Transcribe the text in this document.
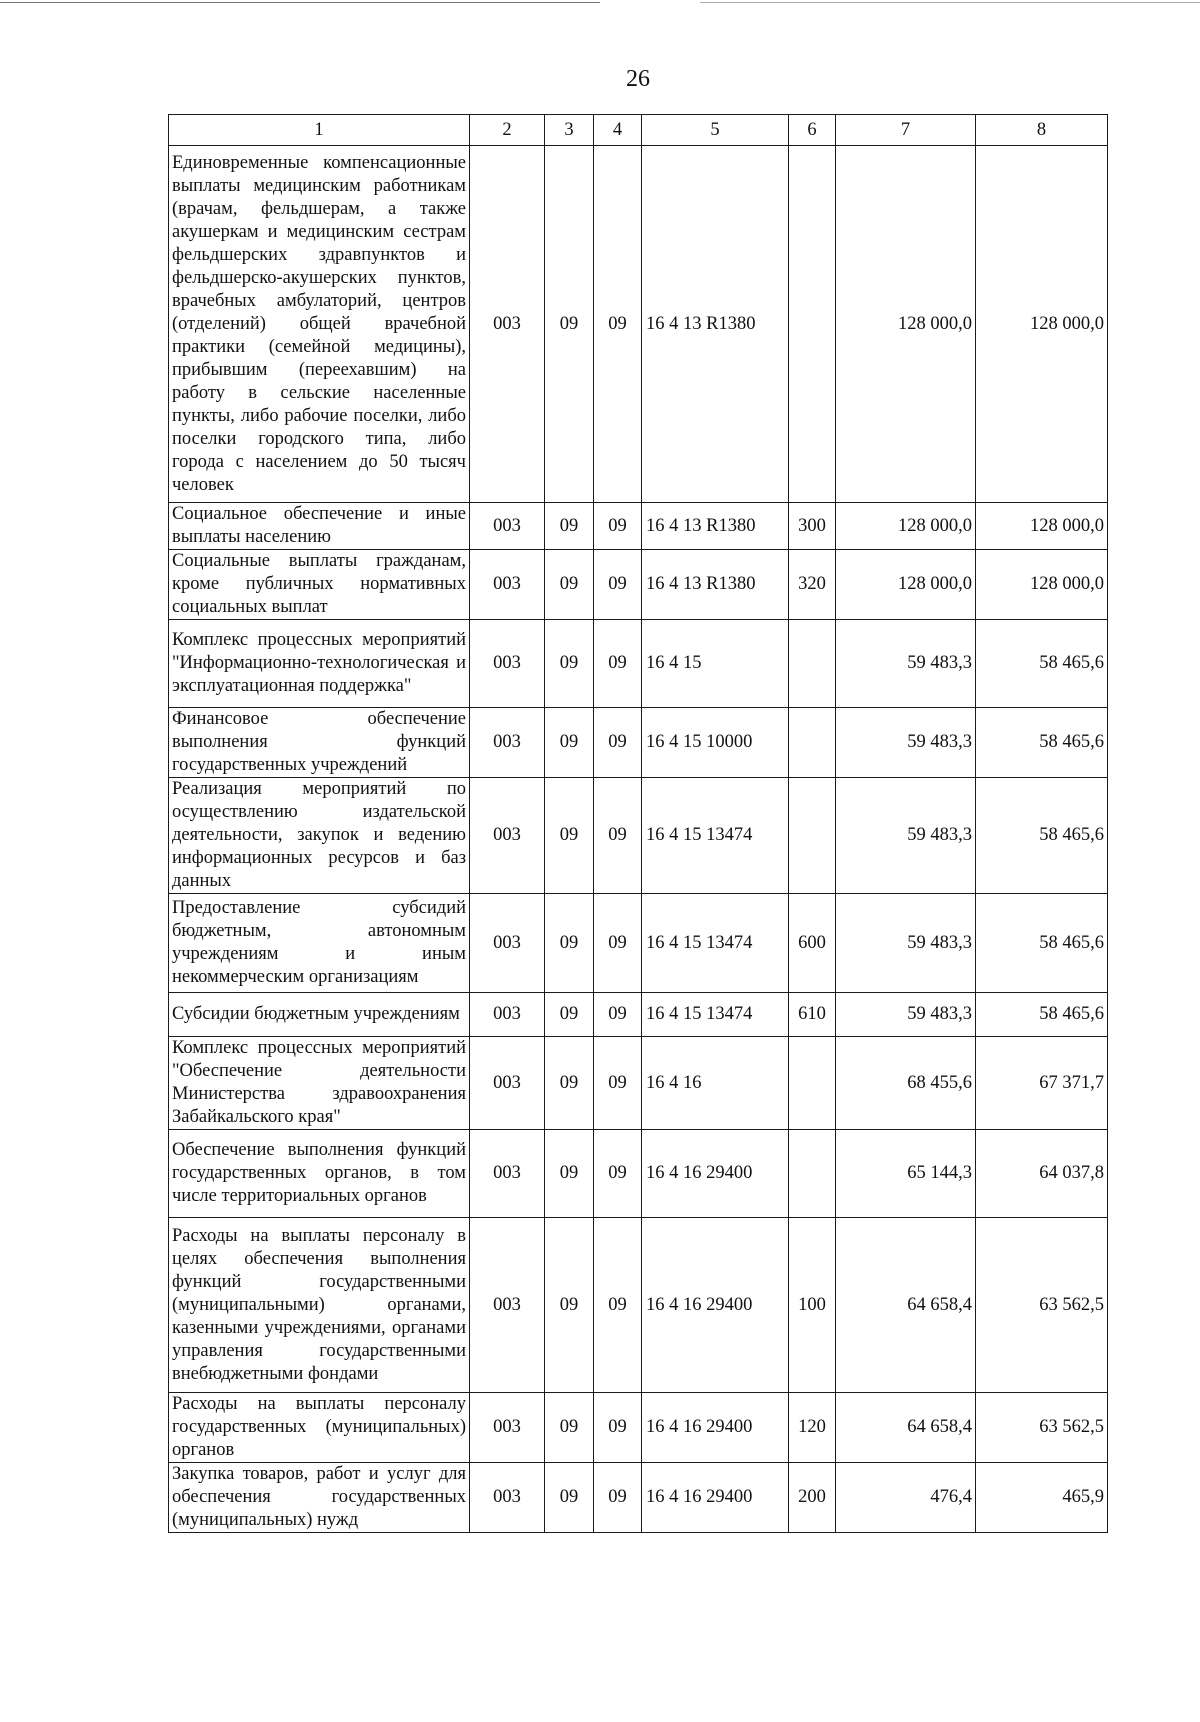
26
1	2	3	4	5	6	7	8
Единовременные компенсационные выплаты медицинским работникам (врачам, фельдшерам, а также акушеркам и медицинским сестрам фельдшерских здравпунктов и фельдшерско-акушерских пунктов, врачебных амбулаторий, центров (отделений) общей врачебной практики (семейной медицины), прибывшим (переехавшим) на работу в сельские населенные пункты, либо рабочие поселки, либо поселки городского типа, либо города с населением до 50 тысяч человек	003	09	09	16 4 13 R1380		128 000,0	128 000,0
Социальное обеспечение и иные выплаты населению	003	09	09	16 4 13 R1380	300	128 000,0	128 000,0
Социальные выплаты гражданам, кроме публичных нормативных социальных выплат	003	09	09	16 4 13 R1380	320	128 000,0	128 000,0
Комплекс процессных мероприятий "Информационно-технологическая и эксплуатационная поддержка"	003	09	09	16 4 15		59 483,3	58 465,6
Финансовое обеспечение выполнения функций государственных учреждений	003	09	09	16 4 15 10000		59 483,3	58 465,6
Реализация мероприятий по осуществлению издательской деятельности, закупок и ведению информационных ресурсов и баз данных	003	09	09	16 4 15 13474		59 483,3	58 465,6
Предоставление субсидий бюджетным, автономным учреждениям и иным некоммерческим организациям	003	09	09	16 4 15 13474	600	59 483,3	58 465,6
Субсидии бюджетным учреждениям	003	09	09	16 4 15 13474	610	59 483,3	58 465,6
Комплекс процессных мероприятий "Обеспечение деятельности Министерства здравоохранения Забайкальского края"	003	09	09	16 4 16		68 455,6	67 371,7
Обеспечение выполнения функций государственных органов, в том числе территориальных органов	003	09	09	16 4 16 29400		65 144,3	64 037,8
Расходы на выплаты персоналу в целях обеспечения выполнения функций государственными (муниципальными) органами, казенными учреждениями, органами управления государственными внебюджетными фондами	003	09	09	16 4 16 29400	100	64 658,4	63 562,5
Расходы на выплаты персоналу государственных (муниципальных) органов	003	09	09	16 4 16 29400	120	64 658,4	63 562,5
Закупка товаров, работ и услуг для обеспечения государственных (муниципальных) нужд	003	09	09	16 4 16 29400	200	476,4	465,9
